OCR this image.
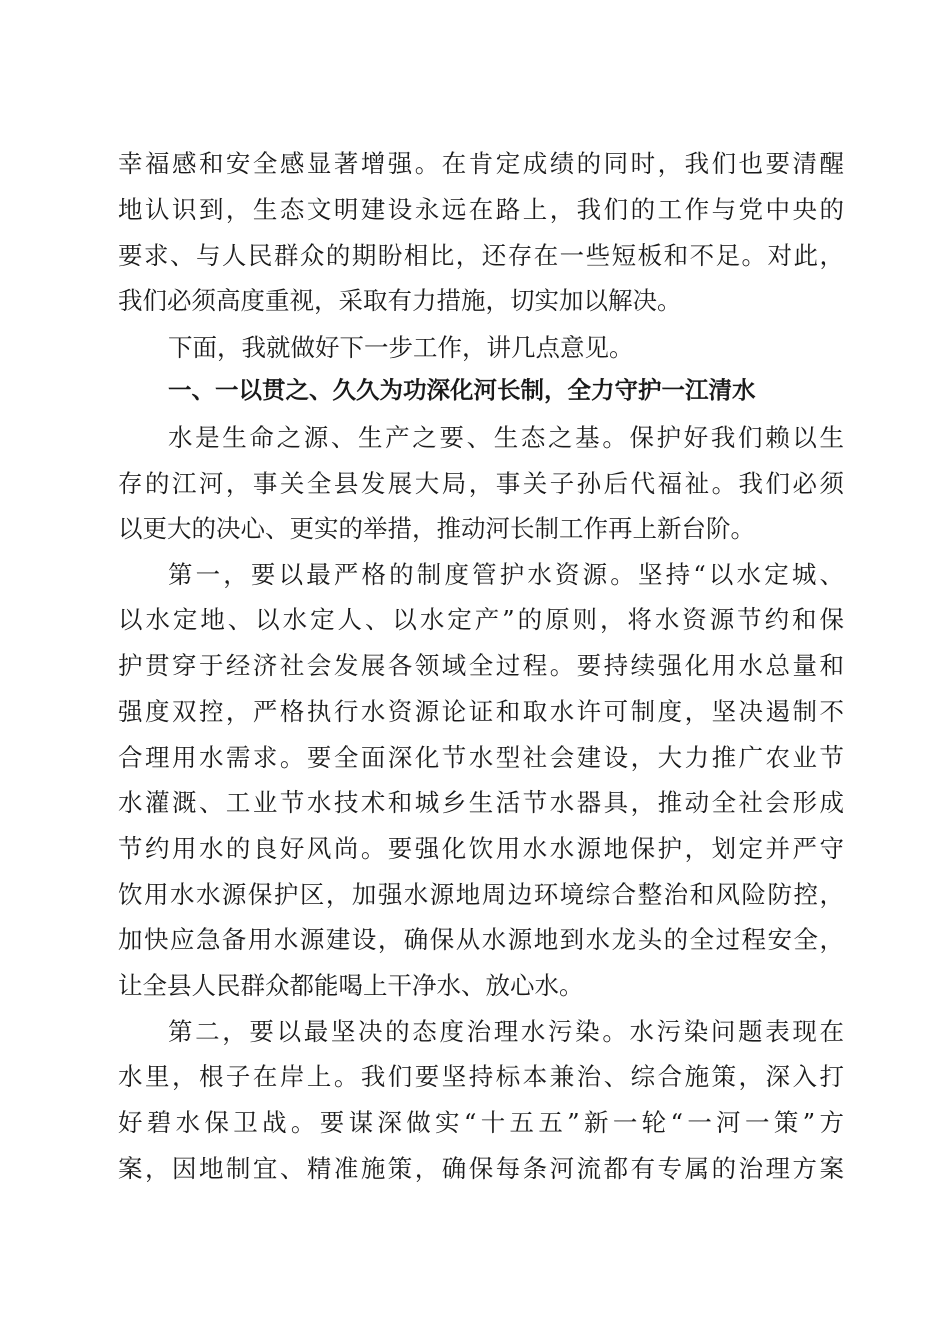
幸福感和安全感显著增强。在肯定成绩的同时，我们也要清醒
地认识到，生态文明建设永远在路上，我们的工作与党中央的
要求、与人民群众的期盼相比，还存在一些短板和不足。对此，
我们必须高度重视，采取有力措施，切实加以解决。
下面，我就做好下一步工作，讲几点意见。
一、一以贯之、久久为功深化河长制，全力守护一江清水
水是生命之源、生产之要、生态之基。保护好我们赖以生
存的江河，事关全县发展大局，事关子孙后代福祉。我们必须
以更大的决心、更实的举措，推动河长制工作再上新台阶。
第一，要以最严格的制度管护水资源。坚持“以水定城、
以水定地、以水定人、以水定产”的原则，将水资源节约和保
护贯穿于经济社会发展各领域全过程。要持续强化用水总量和
强度双控，严格执行水资源论证和取水许可制度，坚决遏制不
合理用水需求。要全面深化节水型社会建设，大力推广农业节
水灌溉、工业节水技术和城乡生活节水器具，推动全社会形成
节约用水的良好风尚。要强化饮用水水源地保护，划定并严守
饮用水水源保护区，加强水源地周边环境综合整治和风险防控，
加快应急备用水源建设，确保从水源地到水龙头的全过程安全，
让全县人民群众都能喝上干净水、放心水。
第二，要以最坚决的态度治理水污染。水污染问题表现在
水里，根子在岸上。我们要坚持标本兼治、综合施策，深入打
好碧水保卫战。要谋深做实“十五五”新一轮“一河一策”方
案，因地制宜、精准施策，确保每条河流都有专属的治理方案
